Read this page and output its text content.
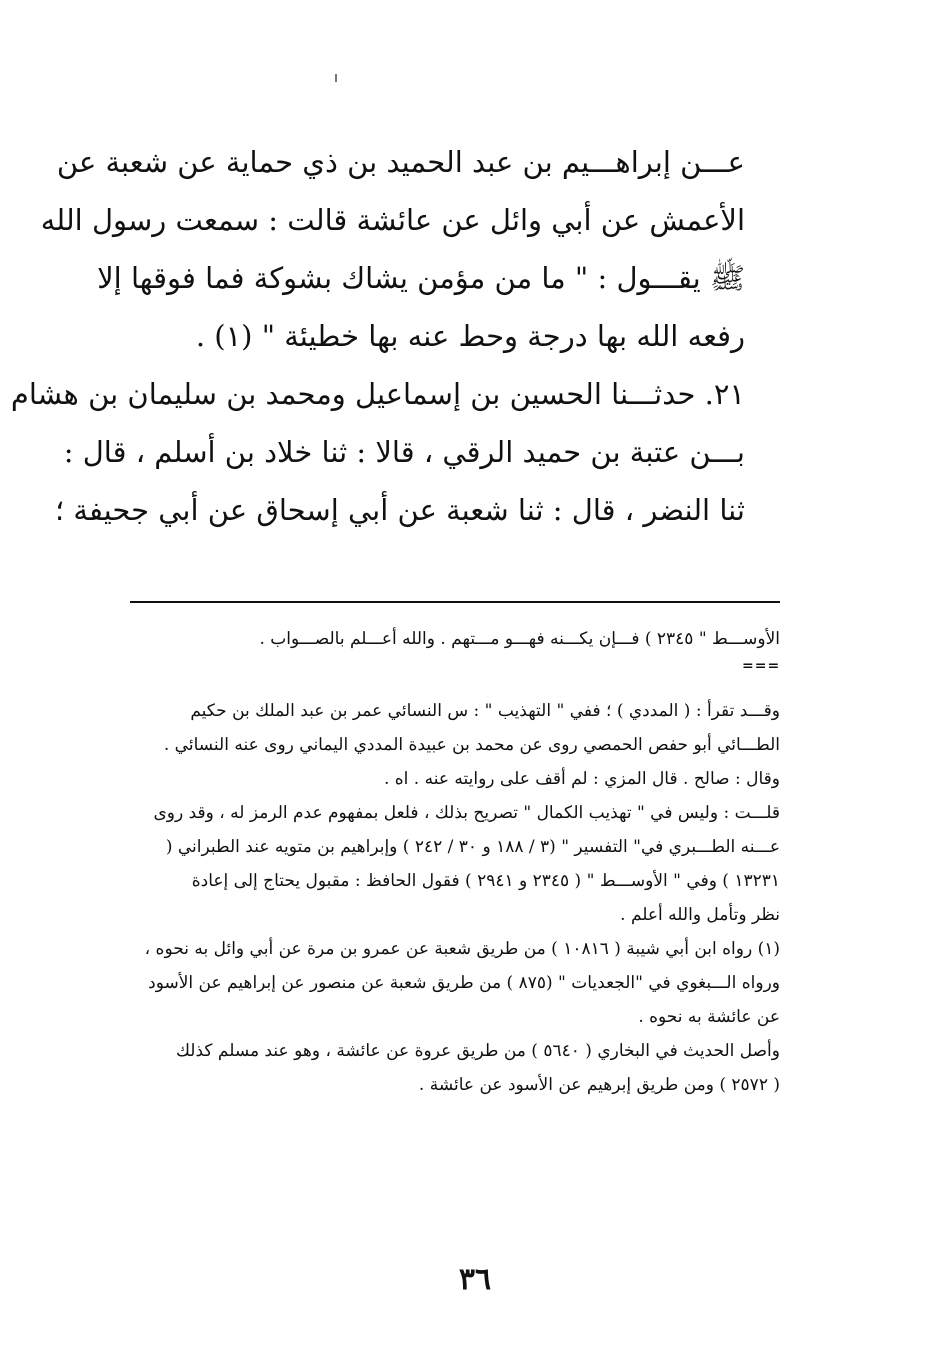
عـــن إبراهـــيم بن عبد الحميد بن ذي حماية عن شعبة عن
الأعمش عن أبي وائل عن عائشة قالت : سمعت رسول الله
ﷺ يقـــول : " ما من مؤمن يشاك بشوكة فما فوقها إلا
رفعه الله بها درجة وحط عنه بها خطيئة " (١) .
٢١. حدثـــنا الحسين بن إسماعيل ومحمد بن سليمان بن هشام
بـــن عتبة بن حميد الرقي ، قالا : ثنا خلاد بن أسلم ، قال :
ثنا النضر ، قال : ثنا شعبة عن أبي إسحاق عن أبي جحيفة ؛
الأوســـط " ٢٣٤٥ ) فـــإن يكـــنه فهـــو مـــتهم . والله أعـــلم بالصـــواب .
===
وقـــد تقرأ : ( المددي ) ؛ ففي " التهذيب " : س النسائي عمر بن عبد الملك بن حكيم
الطـــائي أبو حفص الحمصي روى عن محمد بن عبيدة المددي اليماني روى عنه النسائي .
وقال : صالح . قال المزي : لم أقف على روايته عنه . اه .
قلـــت : وليس في " تهذيب الكمال " تصريح بذلك ، فلعل بمفهوم عدم الرمز له ، وقد روى
عـــنه الطـــبري في" التفسير " (٣ / ١٨٨ و ٣٠ / ٢٤٢ ) وإبراهيم بن متويه عند الطبراني (
١٣٢٣١ ) وفي " الأوســـط " ( ٢٣٤٥ و ٢٩٤١ ) فقول الحافظ : مقبول يحتاج إلى إعادة
نظر وتأمل والله أعلم .
(١) رواه ابن أبي شيبة ( ١٠٨١٦ ) من طريق شعبة عن عمرو بن مرة عن أبي وائل به نحوه ،
ورواه الـــبغوي في "الجعديات " (٨٧٥ ) من طريق شعبة عن منصور عن إبراهيم عن الأسود
عن عائشة به نحوه .
وأصل الحديث في البخاري ( ٥٦٤٠ ) من طريق عروة عن عائشة ، وهو عند مسلم كذلك
( ٢٥٧٢ ) ومن طريق إبرهيم عن الأسود عن عائشة .
٣٦
